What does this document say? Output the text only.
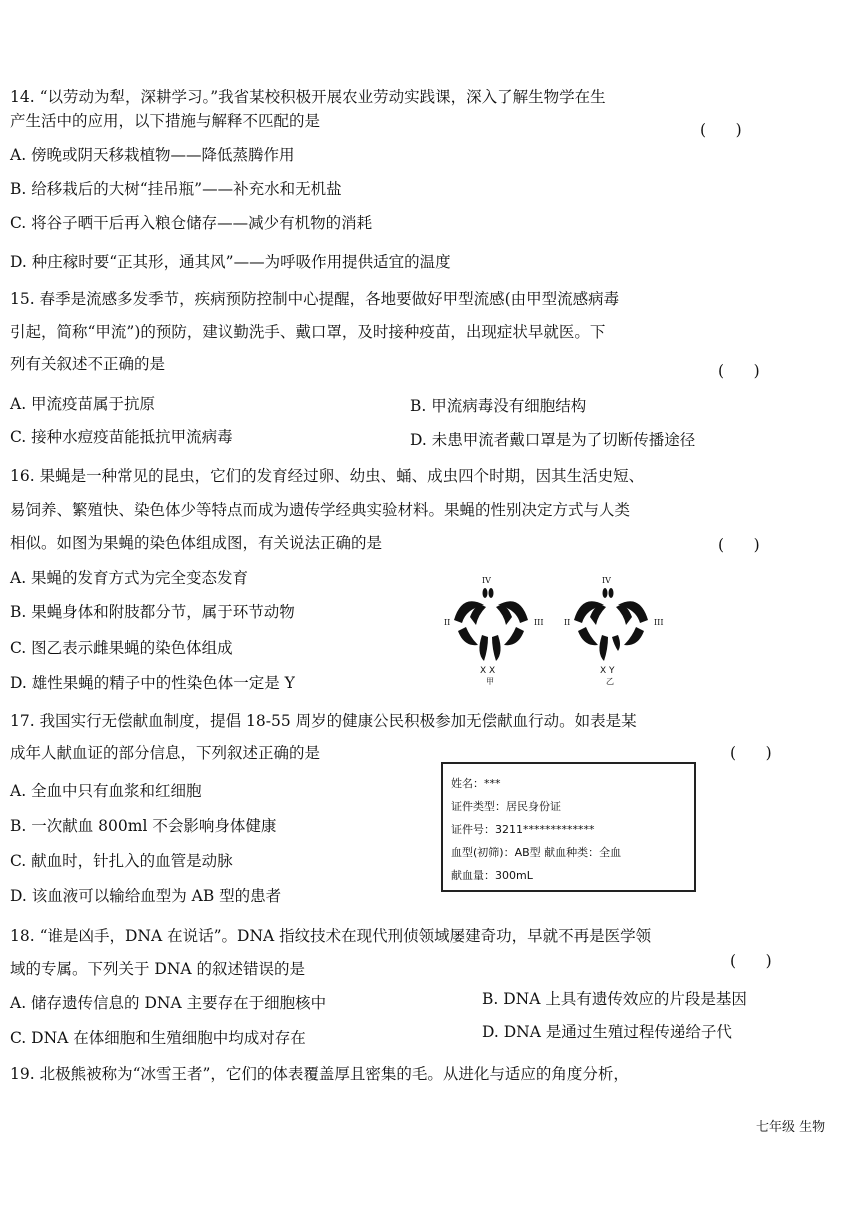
14. “以劳动为犁，深耕学习。”我省某校积极开展农业劳动实践课，深入了解生物学在生
产生活中的应用，以下措施与解释不匹配的是	(      )
A. 傍晚或阴天移栽植物——降低蒸腾作用
B. 给移栽后的大树“挂吊瓶”——补充水和无机盐
C. 将谷子晒干后再入粮仓储存——减少有机物的消耗
D. 种庄稼时要“正其形，通其风”——为呼吸作用提供适宜的温度
15. 春季是流感多发季节，疾病预防控制中心提醒，各地要做好甲型流感(由甲型流感病毒
引起，简称“甲流”)的预防，建议勤洗手、戴口罩，及时接种疫苗，出现症状早就医。下
列有关叙述不正确的是	(      )
A. 甲流疫苗属于抗原	B. 甲流病毒没有细胞结构
C. 接种水痘疫苗能抵抗甲流病毒	D. 未患甲流者戴口罩是为了切断传播途径
16. 果蝇是一种常见的昆虫，它们的发育经过卵、幼虫、蛹、成虫四个时期，因其生活史短、
易饲养、繁殖快、染色体少等特点而成为遗传学经典实验材料。果蝇的性别决定方式与人类
相似。如图为果蝇的染色体组成图，有关说法正确的是	(      )
A. 果蝇的发育方式为完全变态发育
B. 果蝇身体和附肢都分节，属于环节动物
C. 图乙表示雌果蝇的染色体组成
D. 雄性果蝇的精子中的性染色体一定是 Y
IV
II	III
X X
甲
IV
II	III
X Y
乙
17. 我国实行无偿献血制度，提倡 18-55 周岁的健康公民积极参加无偿献血行动。如表是某
成年人献血证的部分信息，下列叙述正确的是	(      )
A. 全血中只有血浆和红细胞
B. 一次献血 800ml 不会影响身体健康
C. 献血时，针扎入的血管是动脉
D. 该血液可以输给血型为 AB 型的患者
姓名：***
证件类型：居民身份证
证件号：3211*************
血型(初筛)：AB型 献血种类：全血
献血量：300mL
18. “谁是凶手，DNA 在说话”。DNA 指纹技术在现代刑侦领域屡建奇功，早就不再是医学领
域的专属。下列关于 DNA 的叙述错误的是	(      )
A. 储存遗传信息的 DNA 主要存在于细胞核中	B. DNA 上具有遗传效应的片段是基因
C. DNA 在体细胞和生殖细胞中均成对存在	D. DNA 是通过生殖过程传递给子代
19. 北极熊被称为“冰雪王者”，它们的体表覆盖厚且密集的毛。从进化与适应的角度分析，
七年级 生物
